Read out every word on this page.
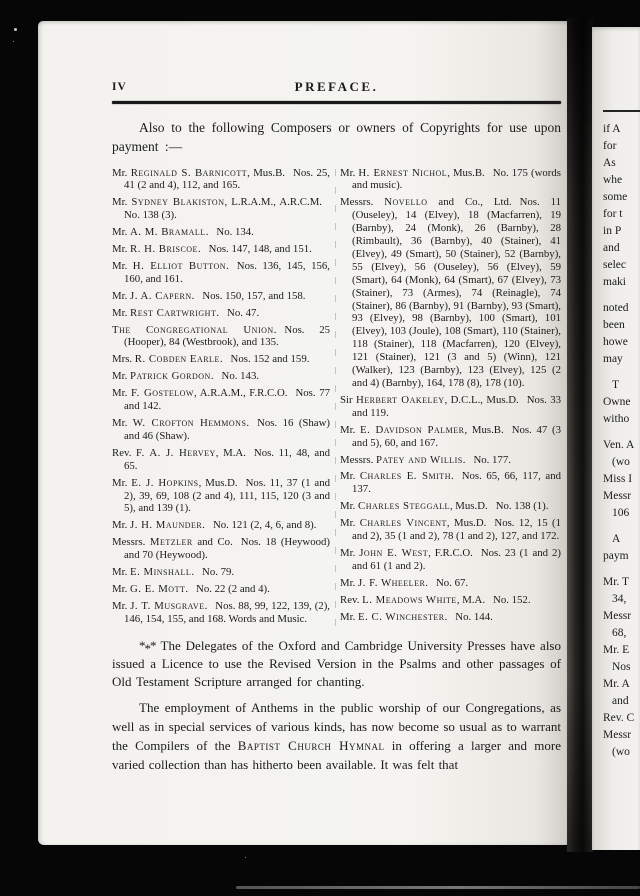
IV	PREFACE.

Also to the following Composers or owners of Copyrights for use upon payment :—

Mr. Reginald S. Barnicott, Mus.B. Nos. 25, 41 (2 and 4), 112, and 165.

Mr. Sydney Blakiston, L.R.A.M., A.R.C.M.No. 138 (3).

Mr. A. M. Bramall. No. 134.

Mr. R. H. Briscoe. Nos. 147, 148, and 151.

Mr. H. Elliot Button. Nos. 136, 145, 156, 160, and 161.

Mr. J. A. Capern. Nos. 150, 157, and 158.

Mr. Rest Cartwright. No. 47.

The Congregational Union. Nos. 25 (Hooper), 84 (Westbrook), and 135.

Mrs. R. Cobden Earle. Nos. 152 and 159.

Mr. Patrick Gordon. No. 143.

Mr. F. Gostelow, A.R.A.M., F.R.C.O. Nos. 77 and 142.

Mr. W. Crofton Hemmons. Nos. 16 (Shaw) and 46 (Shaw).

Rev. F. A. J. Hervey, M.A. Nos. 11, 48, and 65.

Mr. E. J. Hopkins, Mus.D. Nos. 11, 37 (1 and 2), 39, 69, 108 (2 and 4), 111, 115, 120 (3 and 5), and 139 (1).

Mr. J. H. Maunder. No. 121 (2, 4, 6, and 8).

Messrs. Metzler and Co. Nos. 18 (Heywood) and 70 (Heywood).

Mr. E. Minshall. No. 79.

Mr. G. E. Mott. No. 22 (2 and 4).

Mr. J. T. Musgrave. Nos. 88, 99, 122, 139, (2), 146, 154, 155, and 168. Words and Music.

Mr. H. Ernest Nichol, Mus.B. No. 175 (words and music).

Messrs. Novello and Co., Ltd. Nos. 11 (Ouseley), 14 (Elvey), 18 (Macfarren), 19 (Barnby), 24 (Monk), 26 (Barnby), 28 (Rimbault), 36 (Barnby), 40 (Stainer), 41 (Elvey), 49 (Smart), 50 (Stainer), 52 (Barnby), 55 (Elvey), 56 (Ouseley), 56 (Elvey), 59 (Smart), 64 (Monk), 64 (Smart), 67 (Elvey), 73 (Stainer), 73 (Armes), 74 (Reinagle), 74 (Stainer), 86 (Barnby), 91 (Barnby), 93 (Smart), 93 (Elvey), 98 (Barnby), 100 (Smart), 101 (Elvey), 103 (Joule), 108 (Smart), 110 (Stainer), 118 (Stainer), 118 (Macfarren), 120 (Elvey), 121 (Stainer), 121 (3 and 5) (Winn), 121 (Walker), 123 (Barnby), 123 (Elvey), 125 (2 and 4) (Barnby), 164, 178 (8), 178 (10).

Sir Herbert Oakeley, D.C.L., Mus.D. Nos. 33 and 119.

Mr. E. Davidson Palmer, Mus.B. Nos. 47 (3 and 5), 60, and 167.

Messrs. Patey and Willis. No. 177.

Mr. Charles E. Smith. Nos. 65, 66, 117, and 137.

Mr. Charles Steggall, Mus.D. No. 138 (1).

Mr. Charles Vincent, Mus.D. Nos. 12, 15 (1 and 2), 35 (1 and 2), 78 (1 and 2), 127, and 172.

Mr. John E. West, F.R.C.O. Nos. 23 (1 and 2) and 61 (1 and 2).

Mr. J. F. Wheeler. No. 67.

Rev. L. Meadows White, M.A. No. 152.

Mr. E. C. Winchester. No. 144.

*** The Delegates of the Oxford and Cambridge University Presses have also issued a Licence to use the Revised Version in the Psalms and other passages of Old Testament Scripture arranged for chanting.

The employment of Anthems in the public worship of our Congregations, as well as in special services of various kinds, has now become so usual as to warrant the Compilers of the Baptist Church Hymnal in offering a larger and more varied collection than has hitherto been available. It was felt that

if A
for
As
whe
some
for t
in P
and
selec
maki
noted
been
howe
may
T
Owne
witho
Ven. A
(wo
Miss I
Messr
106
A
paym
Mr. T
34,
Messr
68,
Mr. E
Nos
Mr. A
and
Rev. C
Messr
(wo
